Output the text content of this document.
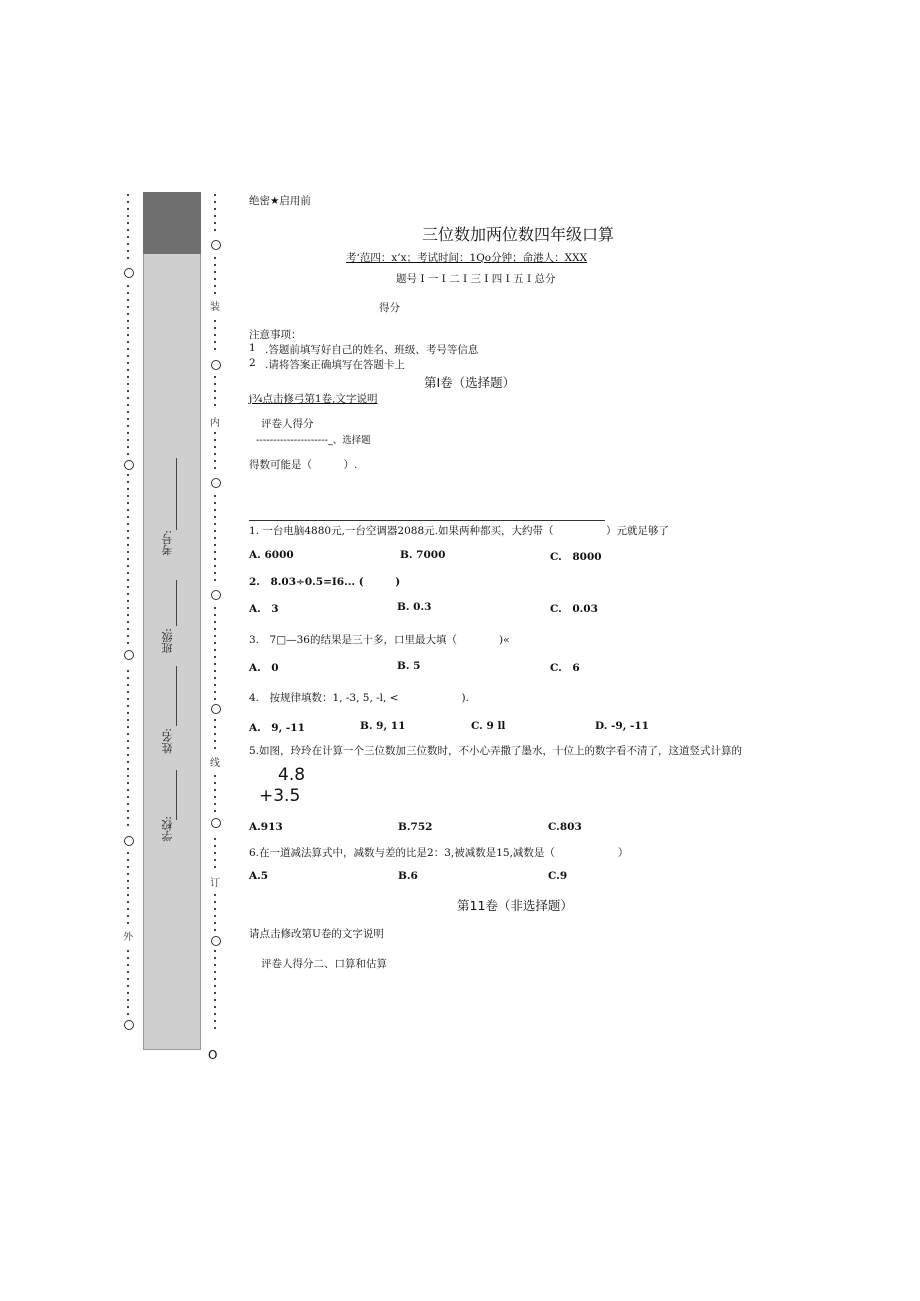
外
考号:
班级:
姓名:
学校:
装
内
线
订
O
绝密★启用前
三位数加两位数四年级口算
考‘范四：x’x；考试时间：1Qo分钟；命港人：XXX
题号 I 一 I 二 I 三 I 四 I 五 I 总分
得分
注意事项：
1 .答题前填写好自己的姓名、班级、考号等信息
2 .请将答案正确填写在答题卡上
第Ⅰ卷（选择题）
j¾点击修弓第1卷,文字说明
评卷人得分
---------------------_、选择题
得数可能是（　　　）.
1. 一台电脑4880元,一台空调器2088元.如果两种都买，大约带（　　　　　）元就足够了
A. 6000	B. 7000	C.　8000
2.　8.03÷0.5=I6... (　　　)
A.　3	B. 0.3	C.　0.03
3.　7□—36的结果是三十多，口里最大填（　　　　)«
A.　0	B. 5	C.　6
4.　按规律填数：1, -3, 5, -l, <　　　　　　).
A.　9, -11	B. 9, 11	C. 9 ll	D. -9, -11
5.如图，玲玲在计算一个三位数加三位数时，不小心弄撒了墨水，十位上的数字看不清了，这道竖式计算的
4.8
+3.5
A.913	B.752	C.803
6.在一道减法算式中，减数与差的比是2：3,被减数是15,减数是（　　　　　　）
A.5	B.6	C.9
第11卷（非选择题）
请点击修改第U卷的文字说明
评卷人得分二、口算和估算
